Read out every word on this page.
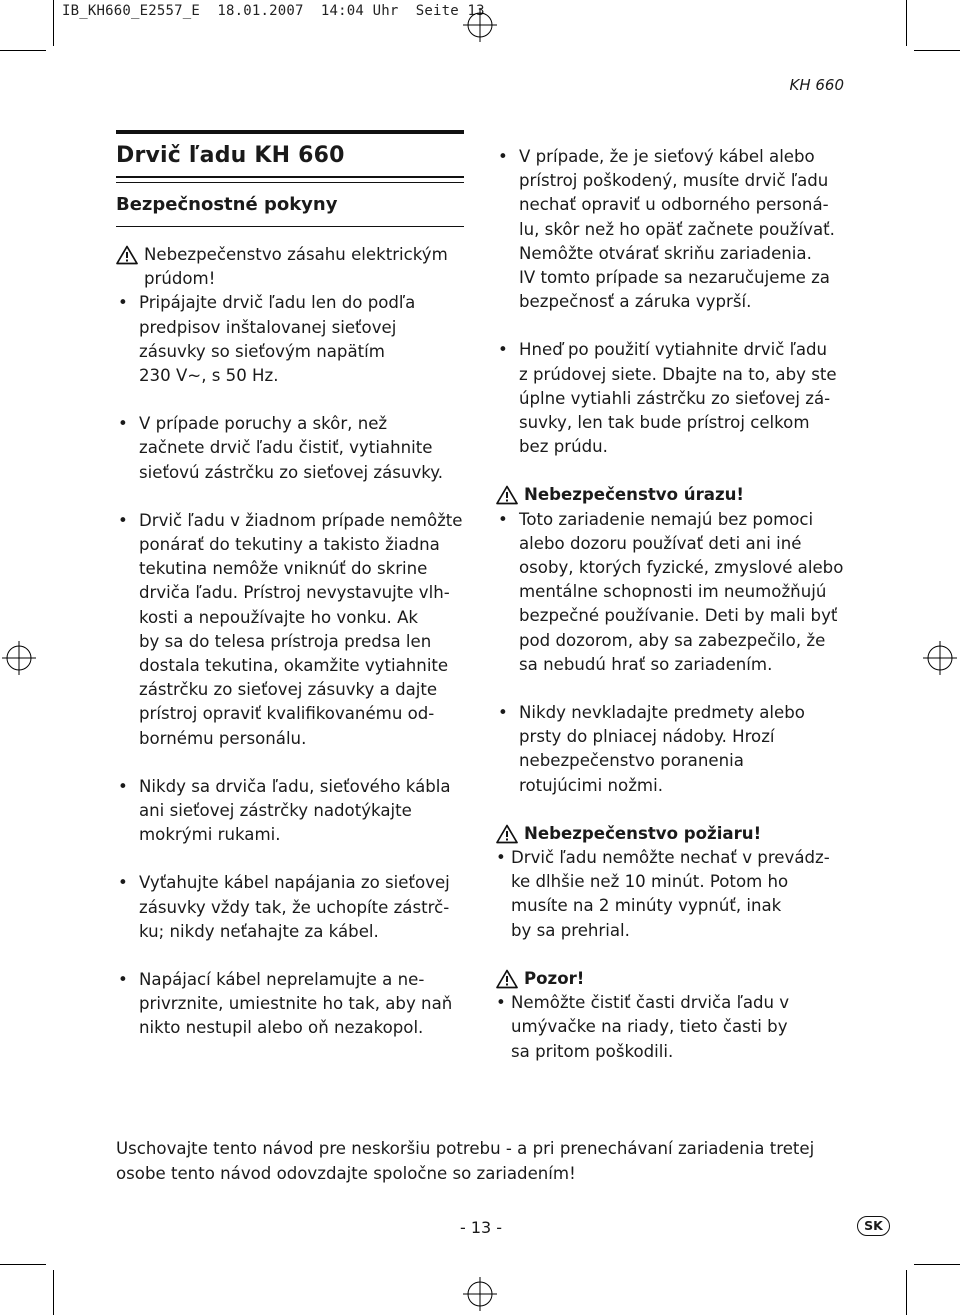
IB_KH660_E2557_E  18.01.2007  14:04 Uhr  Seite 13
KH 660
Drvič ľadu KH 660
Bezpečnostné pokyny
Nebezpečenstvo zásahu elektrickým prúdom!
• Pripájajte drvič ľadu len do podľa
predpisov inštalovanej sieťovej
zásuvky so sieťovým napätím
230 V~, s 50 Hz.
• V prípade poruchy a skôr, než
začnete drvič ľadu čistiť, vytiahnite
sieťovú zástrčku zo sieťovej zásuvky.
• Drvič ľadu v žiadnom prípade nemôžte
ponárať do tekutiny a takisto žiadna
tekutina nemôže vniknúť do skrine
drviča ľadu. Prístroj nevystavujte vlh-
kosti a nepoužívajte ho vonku. Ak
by sa do telesa prístroja predsa len
dostala tekutina, okamžite vytiahnite
zástrčku zo sieťovej zásuvky a dajte
prístroj opraviť kvalifikovanému od-
bornému personálu.
• Nikdy sa drviča ľadu, sieťového kábla
ani sieťovej zástrčky nadotýkajte
mokrými rukami.
• Vyťahujte kábel napájania zo sieťovej
zásuvky vždy tak, že uchopíte zástrč-
ku; nikdy neťahajte za kábel.
• Napájací kábel neprelamujte a ne-
privrznite, umiestnite ho tak, aby naň
nikto nestupil alebo oň nezakopol.
• V prípade, že je sieťový kábel alebo
prístroj poškodený, musíte drvič ľadu
nechať opraviť u odborného personá-
lu, skôr než ho opäť začnete používať.
Nemôžte otvárať skriňu zariadenia.
IV tomto prípade sa nezaručujeme za
bezpečnosť a záruka vyprší.
• Hneď po použití vytiahnite drvič ľadu
z prúdovej siete. Dbajte na to, aby ste
úplne vytiahli zástrčku zo sieťovej zá-
suvky, len tak bude prístroj celkom
bez prúdu.
Nebezpečenstvo úrazu!
• Toto zariadenie nemajú bez pomoci
alebo dozoru používať deti ani iné
osoby, ktorých fyzické, zmyslové alebo
mentálne schopnosti im neumožňujú
bezpečné používanie. Deti by mali byť
pod dozorom, aby sa zabezpečilo, že
sa nebudú hrať so zariadením.
• Nikdy nevkladajte predmety alebo
prsty do plniacej nádoby. Hrozí
nebezpečenstvo poranenia
rotujúcimi nožmi.
Nebezpečenstvo požiaru!
• Drvič ľadu nemôžte nechať v prevádz-
ke dlhšie než 10 minút. Potom ho
musíte na 2 minúty vypnúť, inak
by sa prehrial.
Pozor!
• Nemôžte čistiť časti drviča ľadu v
umývačke na riady, tieto časti by
sa pritom poškodili.
Uschovajte tento návod pre neskoršiu potrebu - a pri prenechávaní zariadenia tretej
osobe tento návod odovzdajte spoločne so zariadením!
- 13 -	SK
